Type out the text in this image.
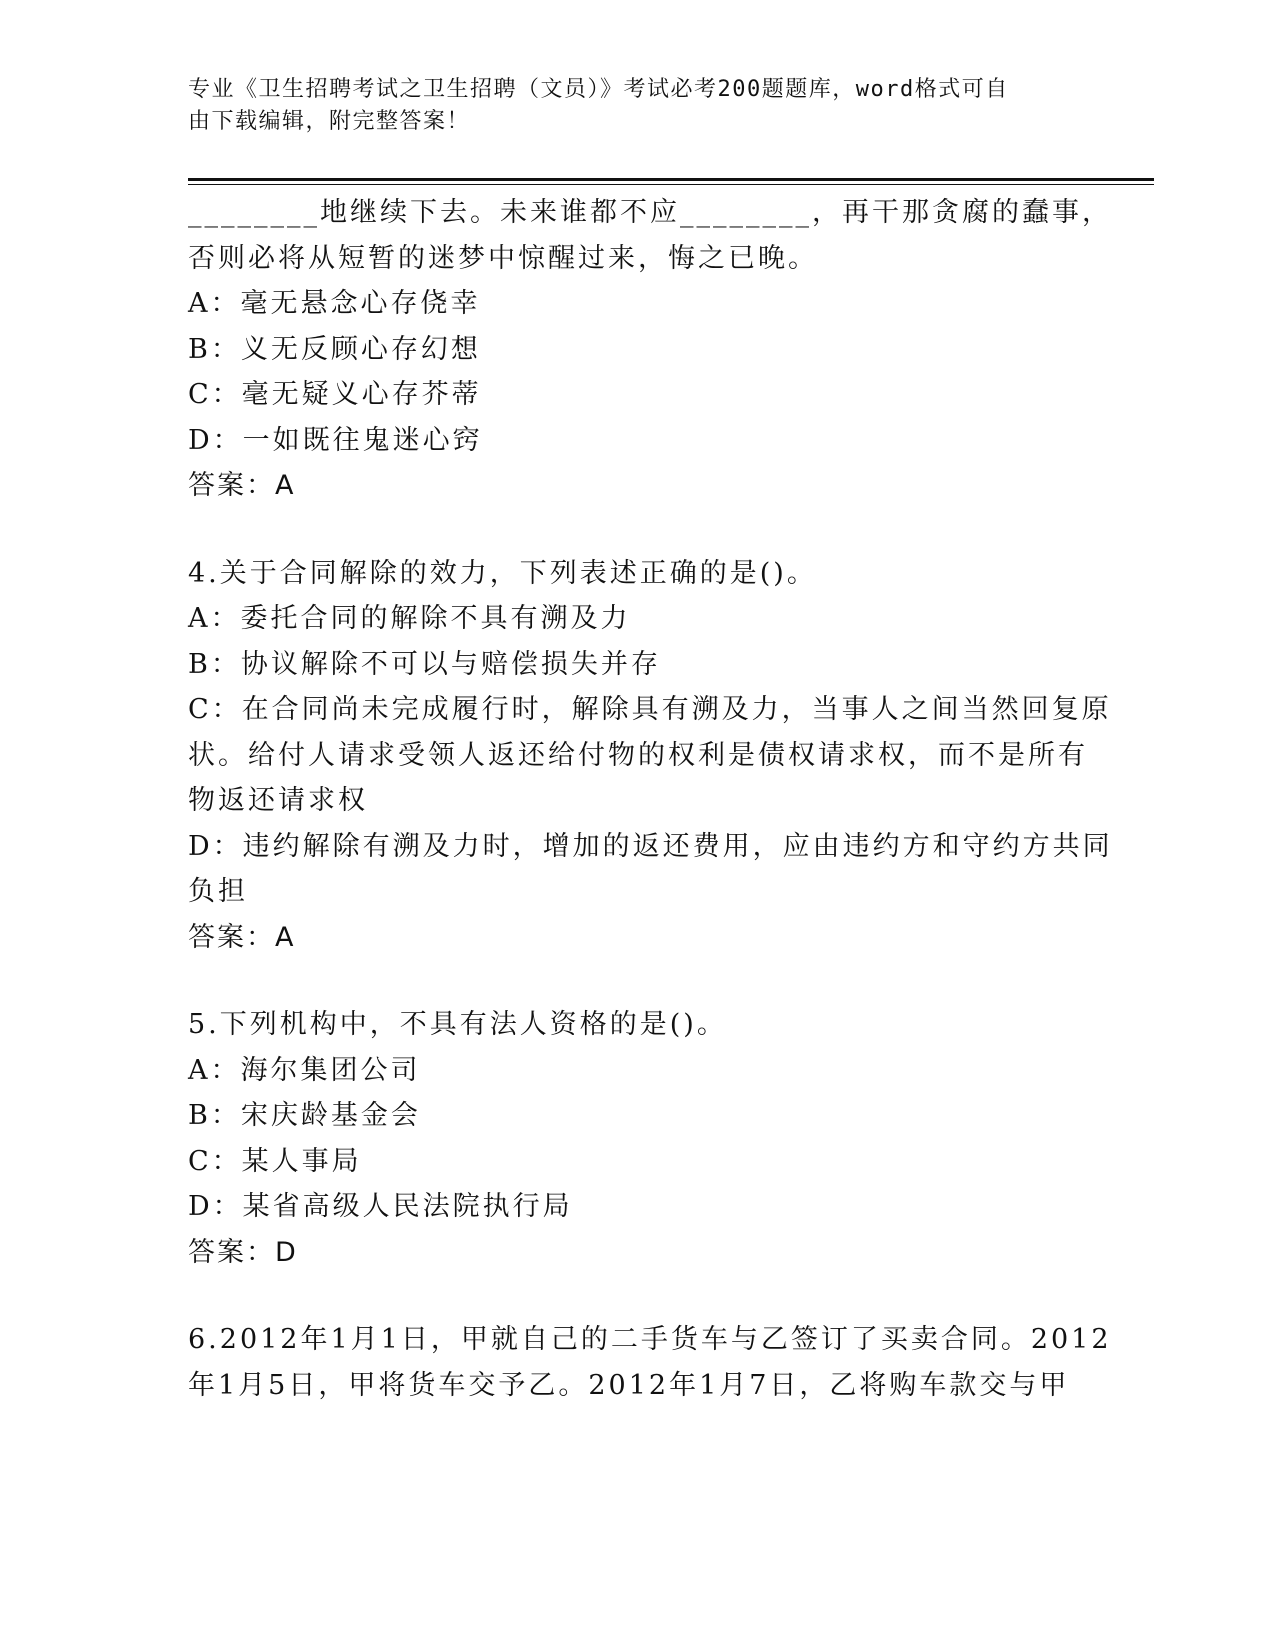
专业《卫生招聘考试之卫生招聘（文员）》考试必考200题题库，word格式可自
由下载编辑，附完整答案！
________地继续下去。未来谁都不应________，再干那贪腐的蠢事，
否则必将从短暂的迷梦中惊醒过来，悔之已晚。
A：毫无悬念心存侥幸
B：义无反顾心存幻想
C：毫无疑义心存芥蒂
D：一如既往鬼迷心窍
答案：A
4.关于合同解除的效力，下列表述正确的是()。
A：委托合同的解除不具有溯及力
B：协议解除不可以与赔偿损失并存
C：在合同尚未完成履行时，解除具有溯及力，当事人之间当然回复原
状。给付人请求受领人返还给付物的权利是债权请求权，而不是所有
物返还请求权
D：违约解除有溯及力时，增加的返还费用，应由违约方和守约方共同
负担
答案：A
5.下列机构中，不具有法人资格的是()。
A：海尔集团公司
B：宋庆龄基金会
C：某人事局
D：某省高级人民法院执行局
答案：D
6.2012年1月1日，甲就自己的二手货车与乙签订了买卖合同。2012
年1月5日，甲将货车交予乙。2012年1月7日，乙将购车款交与甲
